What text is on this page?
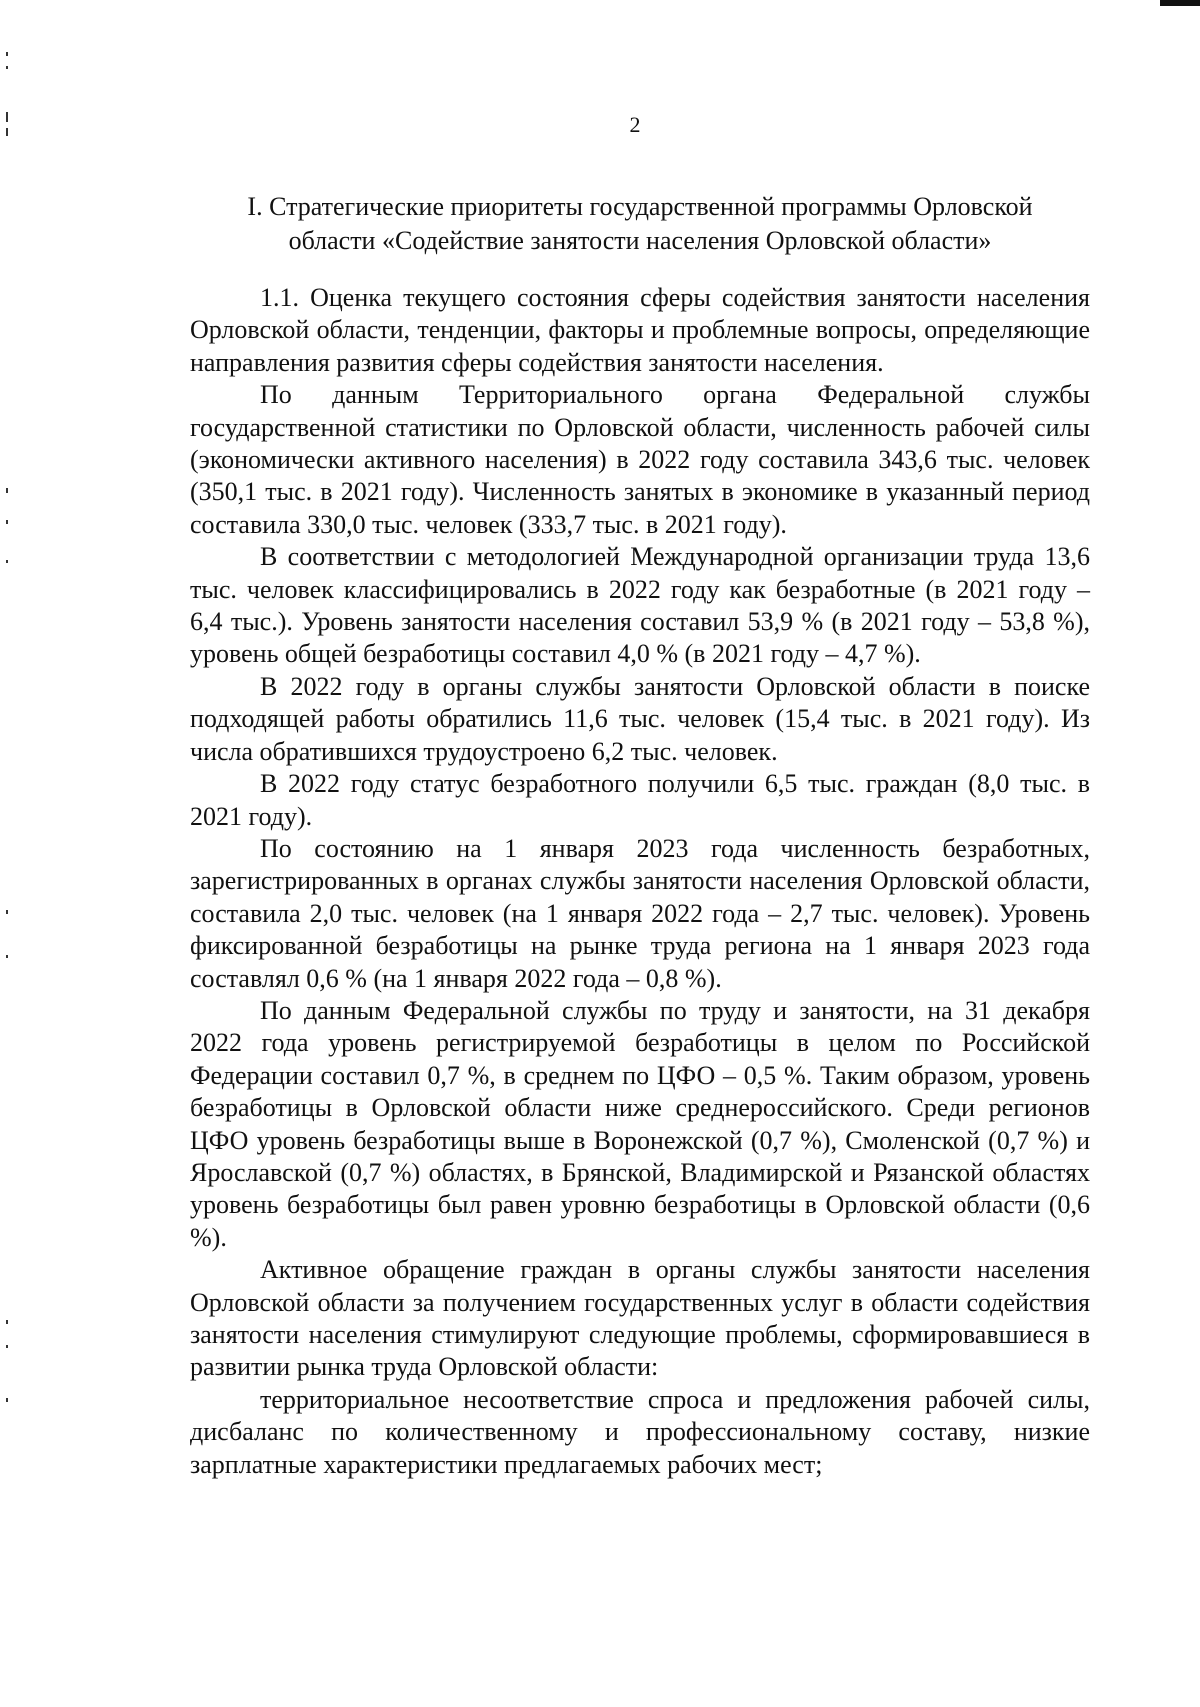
2
I. Стратегические приоритеты государственной программы Орловской
области «Содействие занятости населения Орловской области»

1.1. Оценка текущего состояния сферы содействия занятости населения Орловской области, тенденции, факторы и проблемные вопросы, определяющие направления развития сферы содействия занятости населения.

По данным Территориального органа Федеральной службы государственной статистики по Орловской области, численность рабочей силы (экономически активного населения) в 2022 году составила 343,6 тыс. человек (350,1 тыс. в 2021 году). Численность занятых в экономике в указанный период составила 330,0 тыс. человек (333,7 тыс. в 2021 году).

В соответствии с методологией Международной организации труда 13,6 тыс. человек классифицировались в 2022 году как безработные (в 2021 году – 6,4 тыс.). Уровень занятости населения составил 53,9 % (в 2021 году – 53,8 %), уровень общей безработицы составил 4,0 % (в 2021 году – 4,7 %).

В 2022 году в органы службы занятости Орловской области в поиске подходящей работы обратились 11,6 тыс. человек (15,4 тыс. в 2021 году). Из числа обратившихся трудоустроено 6,2 тыс. человек.

В 2022 году статус безработного получили 6,5 тыс. граждан (8,0 тыс. в 2021 году).

По состоянию на 1 января 2023 года численность безработных, зарегистрированных в органах службы занятости населения Орловской области, составила 2,0 тыс. человек (на 1 января 2022 года – 2,7 тыс. человек). Уровень фиксированной безработицы на рынке труда региона на 1 января 2023 года составлял 0,6 % (на 1 января 2022 года – 0,8 %).

По данным Федеральной службы по труду и занятости, на 31 декабря 2022 года уровень регистрируемой безработицы в целом по Российской Федерации составил 0,7 %, в среднем по ЦФО – 0,5 %. Таким образом, уровень безработицы в Орловской области ниже среднероссийского. Среди регионов ЦФО уровень безработицы выше в Воронежской (0,7 %), Смоленской (0,7 %) и Ярославской (0,7 %) областях, в Брянской, Владимирской и Рязанской областях уровень безработицы был равен уровню безработицы в Орловской области (0,6 %).

Активное обращение граждан в органы службы занятости населения Орловской области за получением государственных услуг в области содействия занятости населения стимулируют следующие проблемы, сформировавшиеся в развитии рынка труда Орловской области:

территориальное несоответствие спроса и предложения рабочей силы, дисбаланс по количественному и профессиональному составу, низкие зарплатные характеристики предлагаемых рабочих мест;
